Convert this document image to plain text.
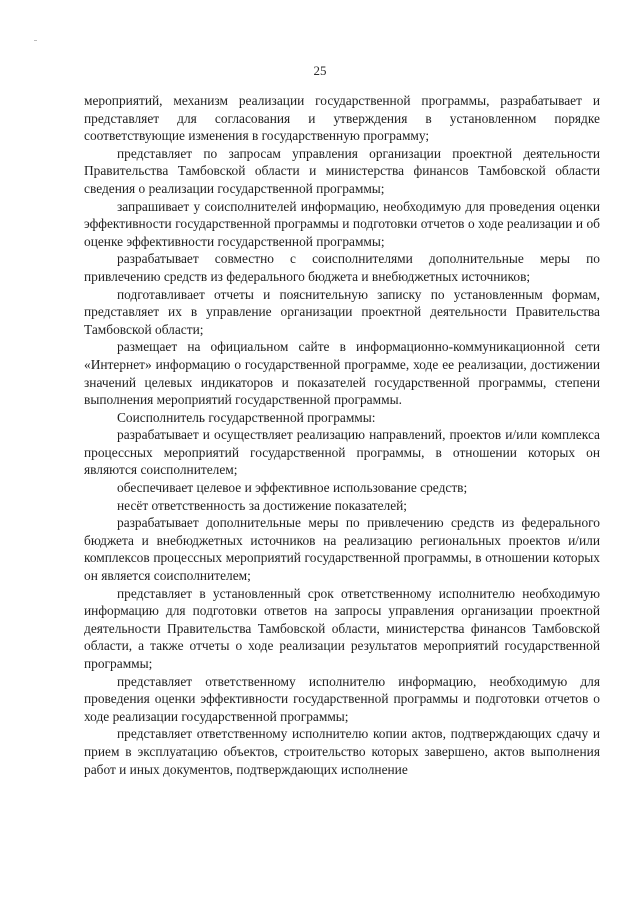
25

мероприятий, механизм реализации государственной программы, разрабатывает и представляет для согласования и утверждения в установленном порядке соответствующие изменения в государственную программу;

представляет по запросам управления организации проектной деятельности Правительства Тамбовской области и министерства финансов Тамбовской области сведения о реализации государственной программы;

запрашивает у соисполнителей информацию, необходимую для проведения оценки эффективности государственной программы и подготовки отчетов о ходе реализации и об оценке эффективности государственной программы;

разрабатывает совместно с соисполнителями дополнительные меры по привлечению средств из федерального бюджета и внебюджетных источников;

подготавливает отчеты и пояснительную записку по установленным формам, представляет их в управление организации проектной деятельности Правительства Тамбовской области;

размещает на официальном сайте в информационно-коммуникационной сети «Интернет» информацию о государственной программе, ходе ее реализации, достижении значений целевых индикаторов и показателей государственной программы, степени выполнения мероприятий государственной программы.

Соисполнитель государственной программы:

разрабатывает и осуществляет реализацию направлений, проектов и/или комплекса процессных мероприятий государственной программы, в отношении которых он являются соисполнителем;

обеспечивает целевое и эффективное использование средств;

несёт ответственность за достижение показателей;

разрабатывает дополнительные меры по привлечению средств из федерального бюджета и внебюджетных источников на реализацию региональных проектов и/или комплексов процессных мероприятий государственной программы, в отношении которых он является соисполнителем;

представляет в установленный срок ответственному исполнителю необходимую информацию для подготовки ответов на запросы управления организации проектной деятельности Правительства Тамбовской области, министерства финансов Тамбовской области, а также отчеты о ходе реализации результатов мероприятий государственной программы;

представляет ответственному исполнителю информацию, необходимую для проведения оценки эффективности государственной программы и подготовки отчетов о ходе реализации государственной программы;

представляет ответственному исполнителю копии актов, подтверждающих сдачу и прием в эксплуатацию объектов, строительство которых завершено, актов выполнения работ и иных документов, подтверждающих исполнение
